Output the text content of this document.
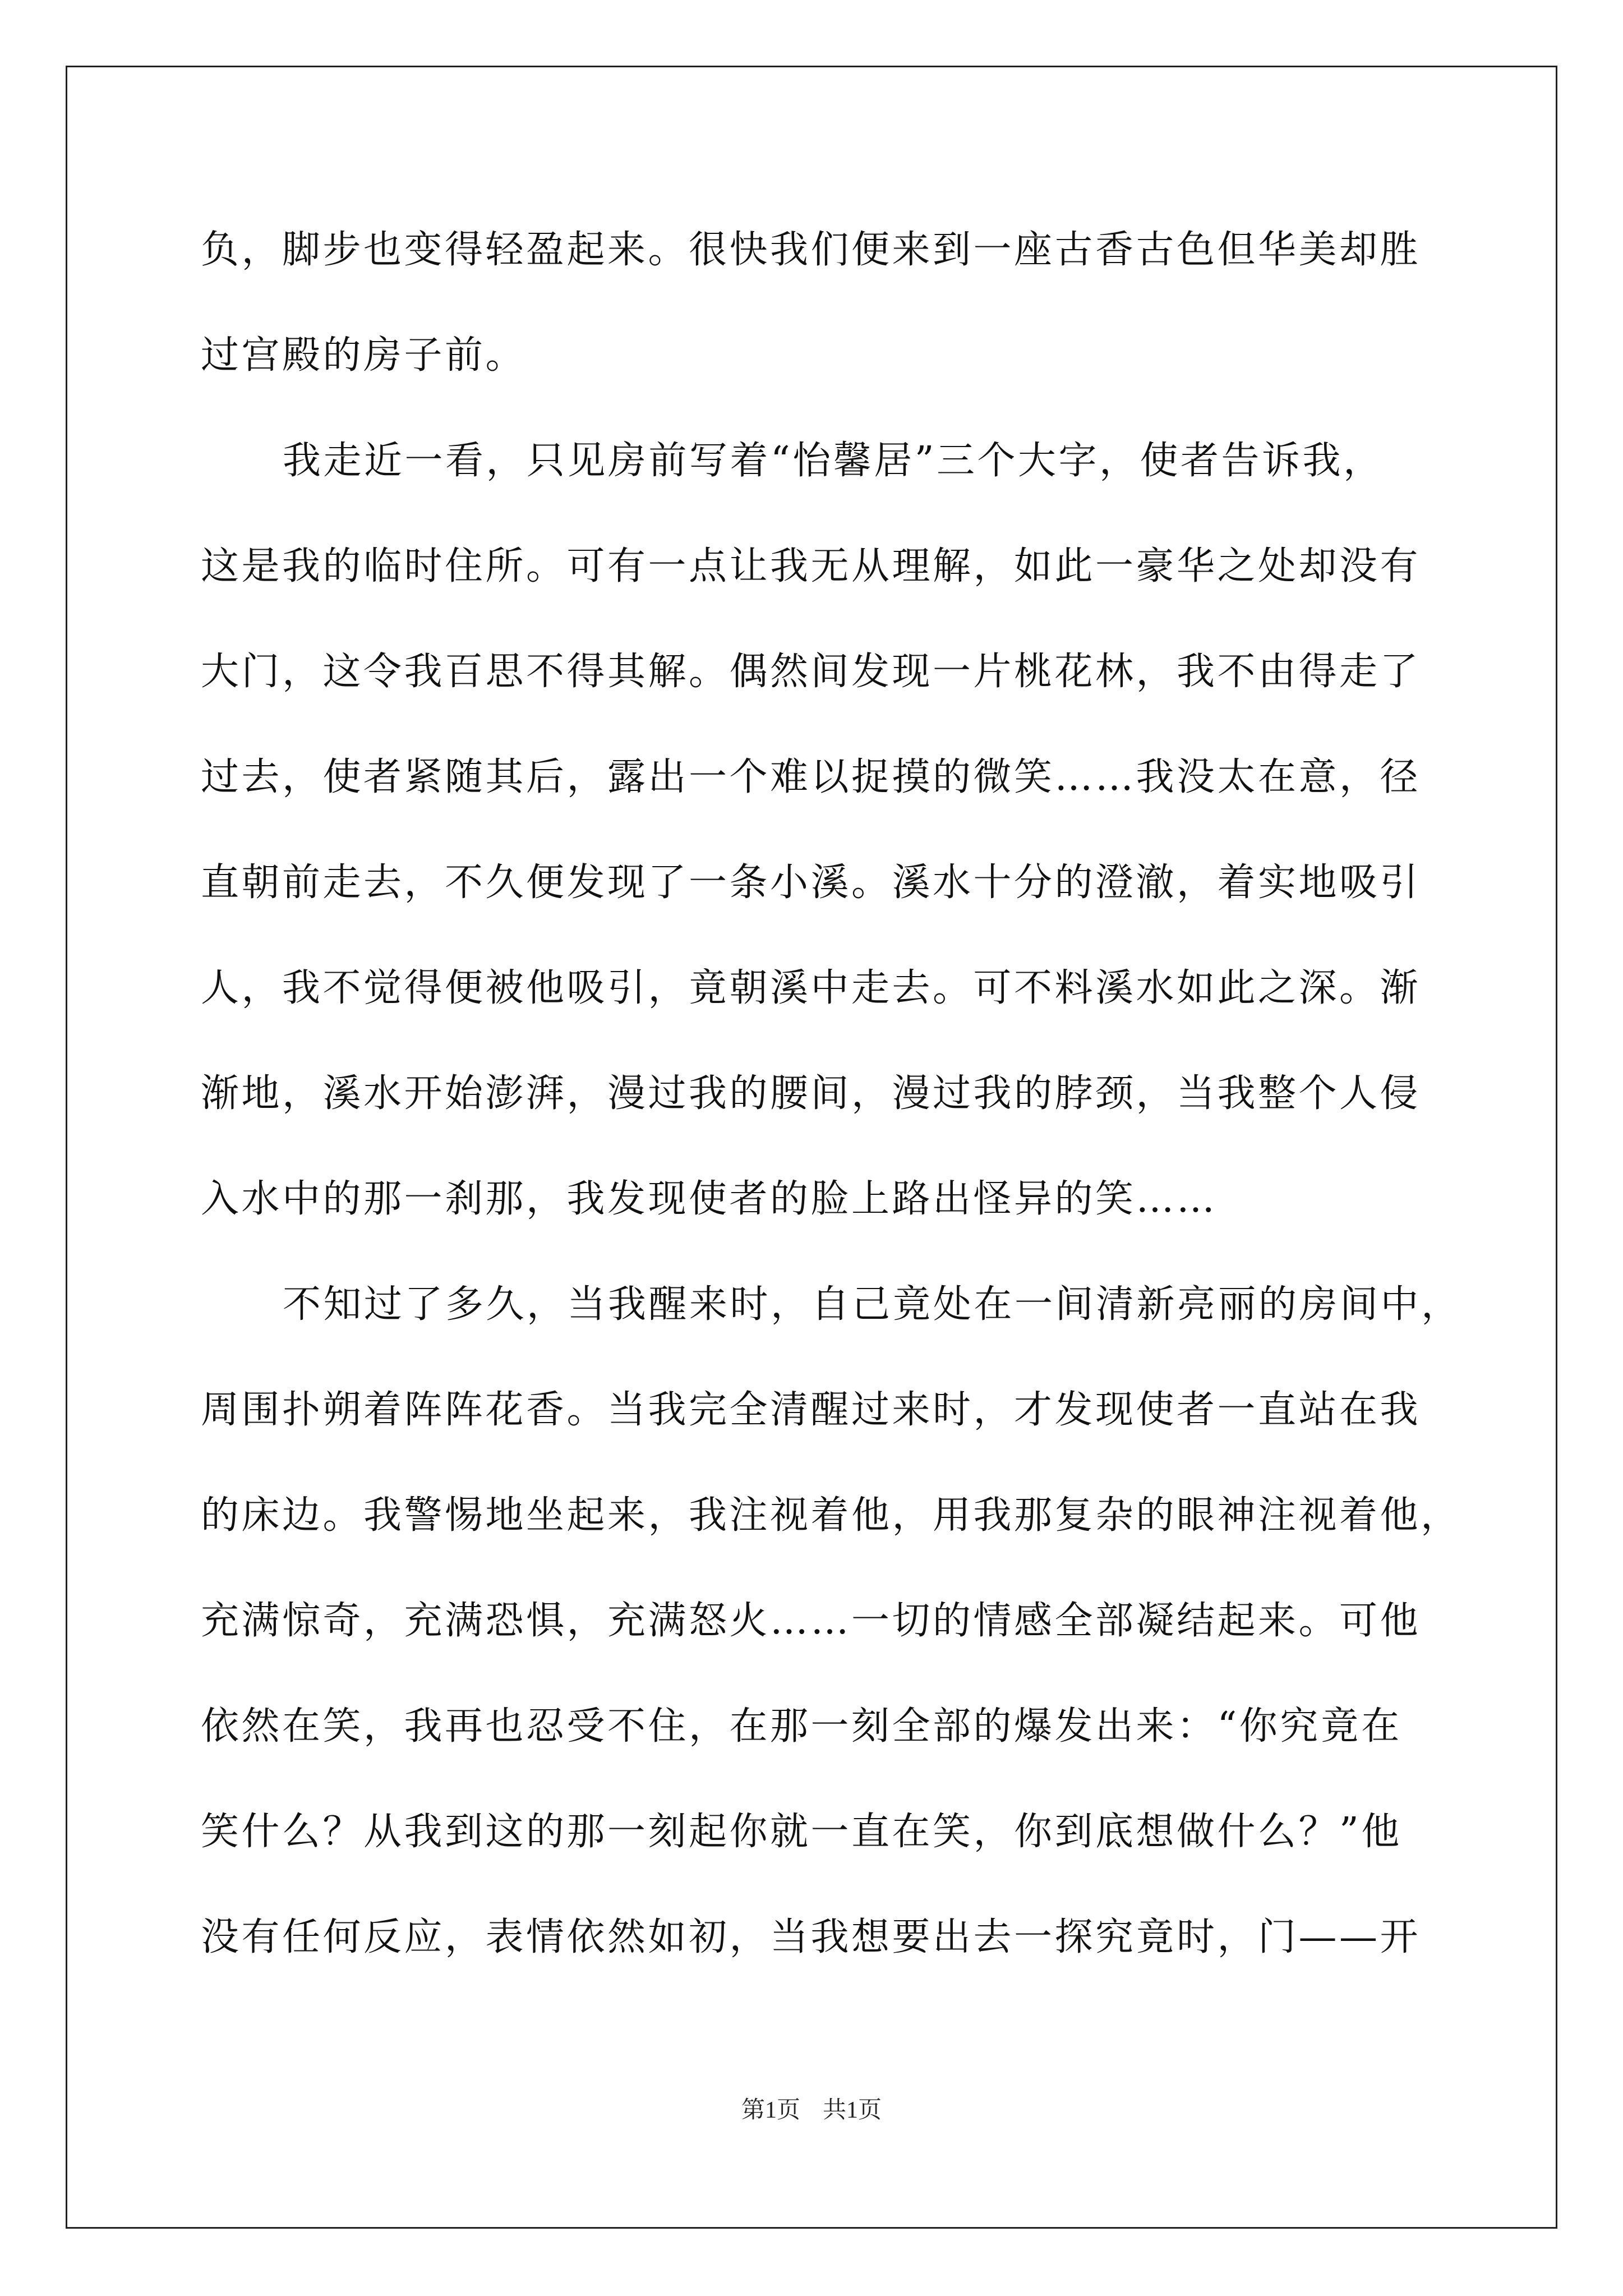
负，脚步也变得轻盈起来。很快我们便来到一座古香古色但华美却胜
过宫殿的房子前。
我走近一看，只见房前写着“怡馨居”三个大字，使者告诉我，
这是我的临时住所。可有一点让我无从理解，如此一豪华之处却没有
大门，这令我百思不得其解。偶然间发现一片桃花林，我不由得走了
过去，使者紧随其后，露出一个难以捉摸的微笑……我没太在意，径
直朝前走去，不久便发现了一条小溪。溪水十分的澄澈，着实地吸引
人，我不觉得便被他吸引，竟朝溪中走去。可不料溪水如此之深。渐
渐地，溪水开始澎湃，漫过我的腰间，漫过我的脖颈，当我整个人侵
入水中的那一刹那，我发现使者的脸上路出怪异的笑……
不知过了多久，当我醒来时，自己竟处在一间清新亮丽的房间中，
周围扑朔着阵阵花香。当我完全清醒过来时，才发现使者一直站在我
的床边。我警惕地坐起来，我注视着他，用我那复杂的眼神注视着他，
充满惊奇，充满恐惧，充满怒火……一切的情感全部凝结起来。可他
依然在笑，我再也忍受不住，在那一刻全部的爆发出来：“你究竟在
笑什么？从我到这的那一刻起你就一直在笑，你到底想做什么？”他
没有任何反应，表情依然如初，当我想要出去一探究竟时，门——开
第1页 共1页
